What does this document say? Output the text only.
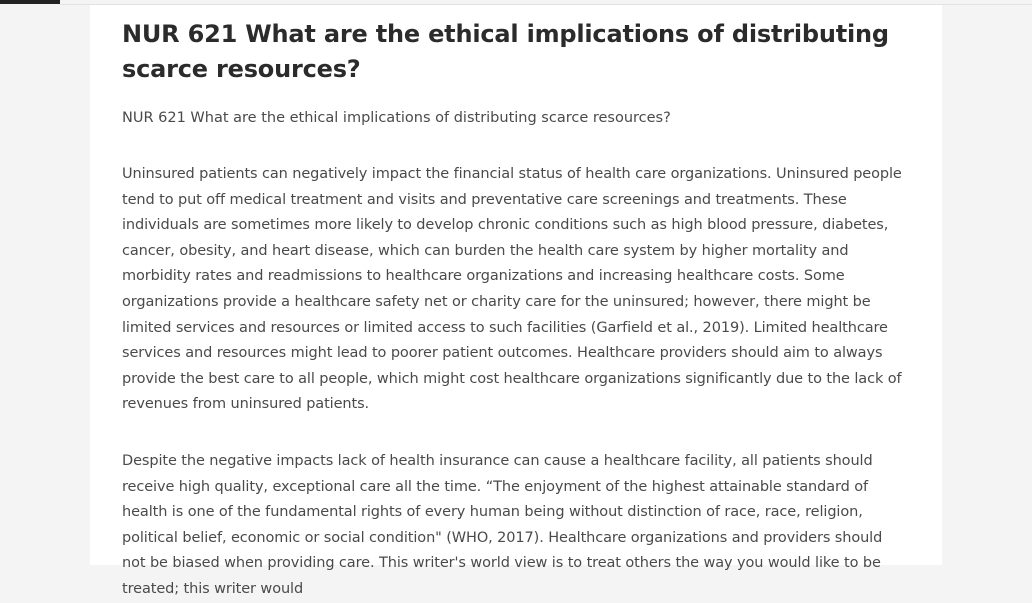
NUR 621 What are the ethical implications of distributing scarce resources?

NUR 621 What are the ethical implications of distributing scarce resources?

Uninsured patients can negatively impact the financial status of health care organizations. Uninsured people tend to put off medical treatment and visits and preventative care screenings and treatments. These individuals are sometimes more likely to develop chronic conditions such as high blood pressure, diabetes, cancer, obesity, and heart disease, which can burden the health care system by higher mortality and morbidity rates and readmissions to healthcare organizations and increasing healthcare costs. Some organizations provide a healthcare safety net or charity care for the uninsured; however, there might be limited services and resources or limited access to such facilities (Garfield et al., 2019). Limited healthcare services and resources might lead to poorer patient outcomes. Healthcare providers should aim to always provide the best care to all people, which might cost healthcare organizations significantly due to the lack of revenues from uninsured patients.

Despite the negative impacts lack of health insurance can cause a healthcare facility, all patients should receive high quality, exceptional care all the time. “The enjoyment of the highest attainable standard of health is one of the fundamental rights of every human being without distinction of race, race, religion, political belief, economic or social condition" (WHO, 2017). Healthcare organizations and providers should not be biased when providing care. This writer's world view is to treat others the way you would like to be treated; this writer would
